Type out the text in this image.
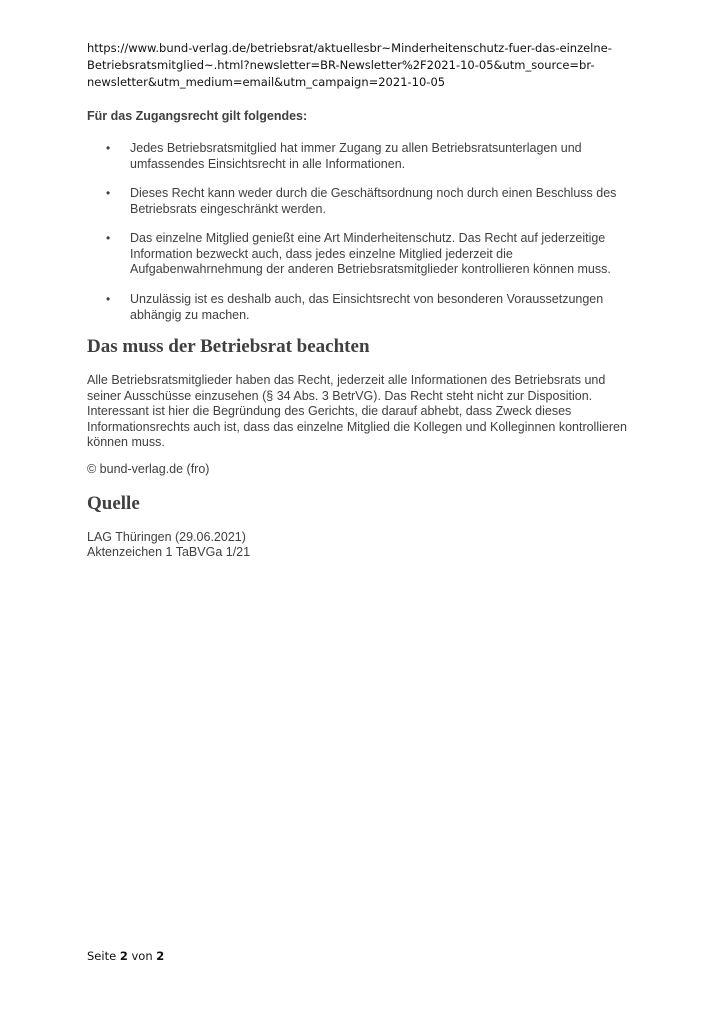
https://www.bund-verlag.de/betriebsrat/aktuellesbr~Minderheitenschutz-fuer-das-einzelne-
Betriebsratsmitglied~.html?newsletter=BR-Newsletter%2F2021-10-05&utm_source=br-
newsletter&utm_medium=email&utm_campaign=2021-10-05

Für das Zugangsrecht gilt folgendes:

• Jedes Betriebsratsmitglied hat immer Zugang zu allen Betriebsratsunterlagen und
umfassendes Einsichtsrecht in alle Informationen.
• Dieses Recht kann weder durch die Geschäftsordnung noch durch einen Beschluss des
Betriebsrats eingeschränkt werden.
• Das einzelne Mitglied genießt eine Art Minderheitenschutz. Das Recht auf jederzeitige
Information bezweckt auch, dass jedes einzelne Mitglied jederzeit die
Aufgabenwahrnehmung der anderen Betriebsratsmitglieder kontrollieren können muss.
• Unzulässig ist es deshalb auch, das Einsichtsrecht von besonderen Voraussetzungen
abhängig zu machen.
Das muss der Betriebsrat beachten
Alle Betriebsratsmitglieder haben das Recht, jederzeit alle Informationen des Betriebsrats und
seiner Ausschüsse einzusehen (§ 34 Abs. 3 BetrVG). Das Recht steht nicht zur Disposition.
Interessant ist hier die Begründung des Gerichts, die darauf abhebt, dass Zweck dieses
Informationsrechts auch ist, dass das einzelne Mitglied die Kollegen und Kolleginnen kontrollieren
können muss.

© bund-verlag.de (fro)

Quelle

LAG Thüringen (29.06.2021)

Aktenzeichen 1 TaBVGa 1/21

Seite 2 von 2
